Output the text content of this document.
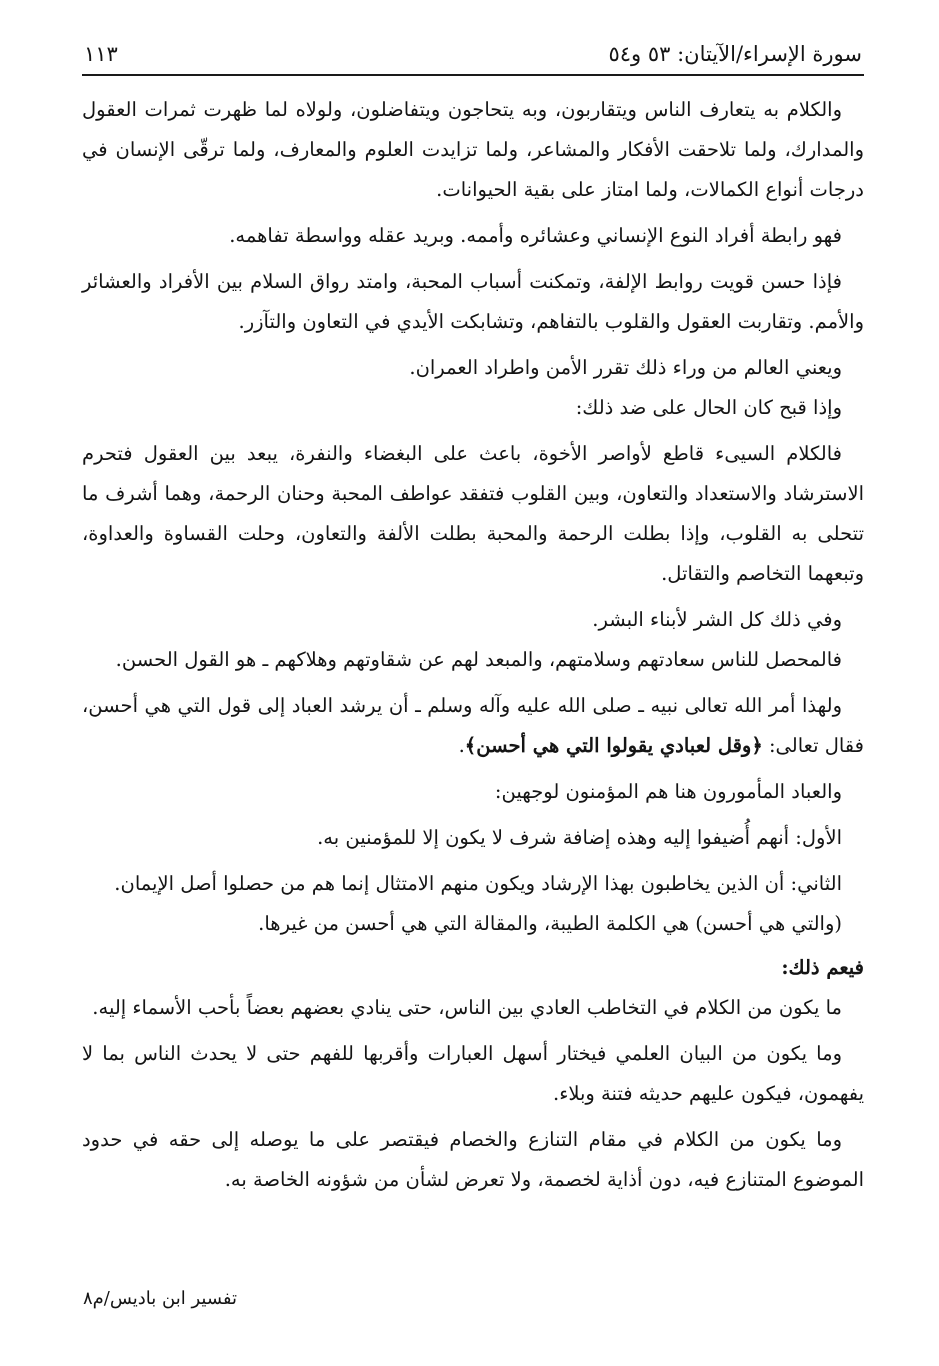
سورة الإسراء/الآيتان: ٥٣ و٥٤
١١٣

والكلام به يتعارف الناس ويتقاربون، وبه يتحاجون ويتفاضلون، ولولاه لما ظهرت ثمرات العقول والمدارك، ولما تلاحقت الأفكار والمشاعر، ولما تزايدت العلوم والمعارف، ولما ترقّى الإنسان في درجات أنواع الكمالات، ولما امتاز على بقية الحيوانات.

فهو رابطة أفراد النوع الإنساني وعشائره وأممه. وبريد عقله وواسطة تفاهمه.

فإذا حسن قويت روابط الإلفة، وتمكنت أسباب المحبة، وامتد رواق السلام بين الأفراد والعشائر والأمم. وتقاربت العقول والقلوب بالتفاهم، وتشابكت الأيدي في التعاون والتآزر.

ويعني العالم من وراء ذلك تقرر الأمن واطراد العمران.

وإذا قبح كان الحال على ضد ذلك:

فالكلام السيىء قاطع لأواصر الأخوة، باعث على البغضاء والنفرة، يبعد بين العقول فتحرم الاسترشاد والاستعداد والتعاون، وبين القلوب فتفقد عواطف المحبة وحنان الرحمة، وهما أشرف ما تتحلى به القلوب، وإذا بطلت الرحمة والمحبة بطلت الألفة والتعاون، وحلت القساوة والعداوة، وتبعهما التخاصم والتقاتل.

وفي ذلك كل الشر لأبناء البشر.

فالمحصل للناس سعادتهم وسلامتهم، والمبعد لهم عن شقاوتهم وهلاكهم ـ هو القول الحسن.

ولهذا أمر الله تعالى نبيه ـ صلى الله عليه وآله وسلم ـ أن يرشد العباد إلى قول التي هي أحسن، فقال تعالى: ﴿وقل لعبادي يقولوا التي هي أحسن﴾.

والعباد المأمورون هنا هم المؤمنون لوجهين:

الأول: أنهم أُضيفوا إليه وهذه إضافة شرف لا يكون إلا للمؤمنين به.

الثاني: أن الذين يخاطبون بهذا الإرشاد ويكون منهم الامتثال إنما هم من حصلوا أصل الإيمان.

(والتي هي أحسن) هي الكلمة الطيبة، والمقالة التي هي أحسن من غيرها.

فيعم ذلك:

ما يكون من الكلام في التخاطب العادي بين الناس، حتى ينادي بعضهم بعضاً بأحب الأسماء إليه.

وما يكون من البيان العلمي فيختار أسهل العبارات وأقربها للفهم حتى لا يحدث الناس بما لا يفهمون، فيكون عليهم حديثه فتنة وبلاء.

وما يكون من الكلام في مقام التنازع والخصام فيقتصر على ما يوصله إلى حقه في حدود الموضوع المتنازع فيه، دون أذاية لخصمة، ولا تعرض لشأن من شؤونه الخاصة به.

تفسير ابن باديس/م٨
